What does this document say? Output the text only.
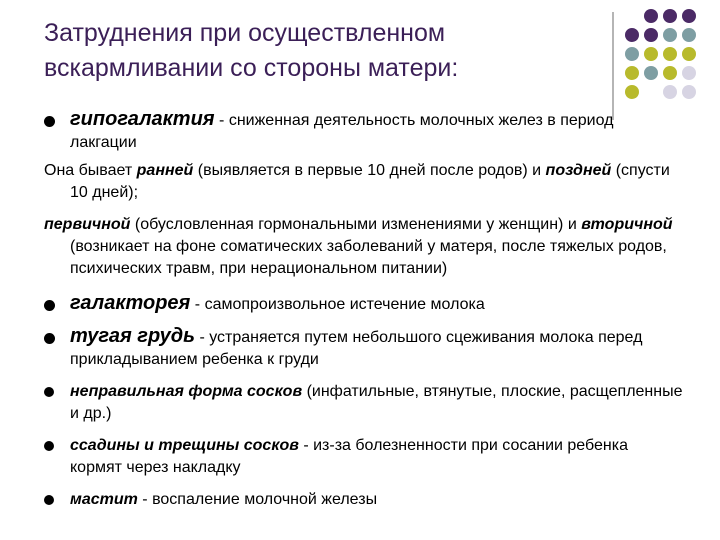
Затруднения при осуществленном вскармливании со стороны матери:
гипогалактия - сниженная деятельность молочных желез в период лакгации
Она бывает ранней (выявляется в первые 10 дней после родов) и поздней (спусти 10 дней);
первичной (обусловленная гормональными изменениями у женщин) и вторичной (возникает на фоне соматических заболеваний у матеря, после тяжелых родов, психических травм, при нерациональном питании)
галакторея - самопроизвольное истечение молока
тугая грудь - устраняется путем небольшого сцеживания молока перед прикладыванием ребенка к груди
неправильная форма сосков (инфатильные, втянутые, плоские, расщепленные и др.)
ссадины и трещины сосков - из-за болезненности при сосании ребенка кормят через накладку
мастит - воспаление молочной железы
